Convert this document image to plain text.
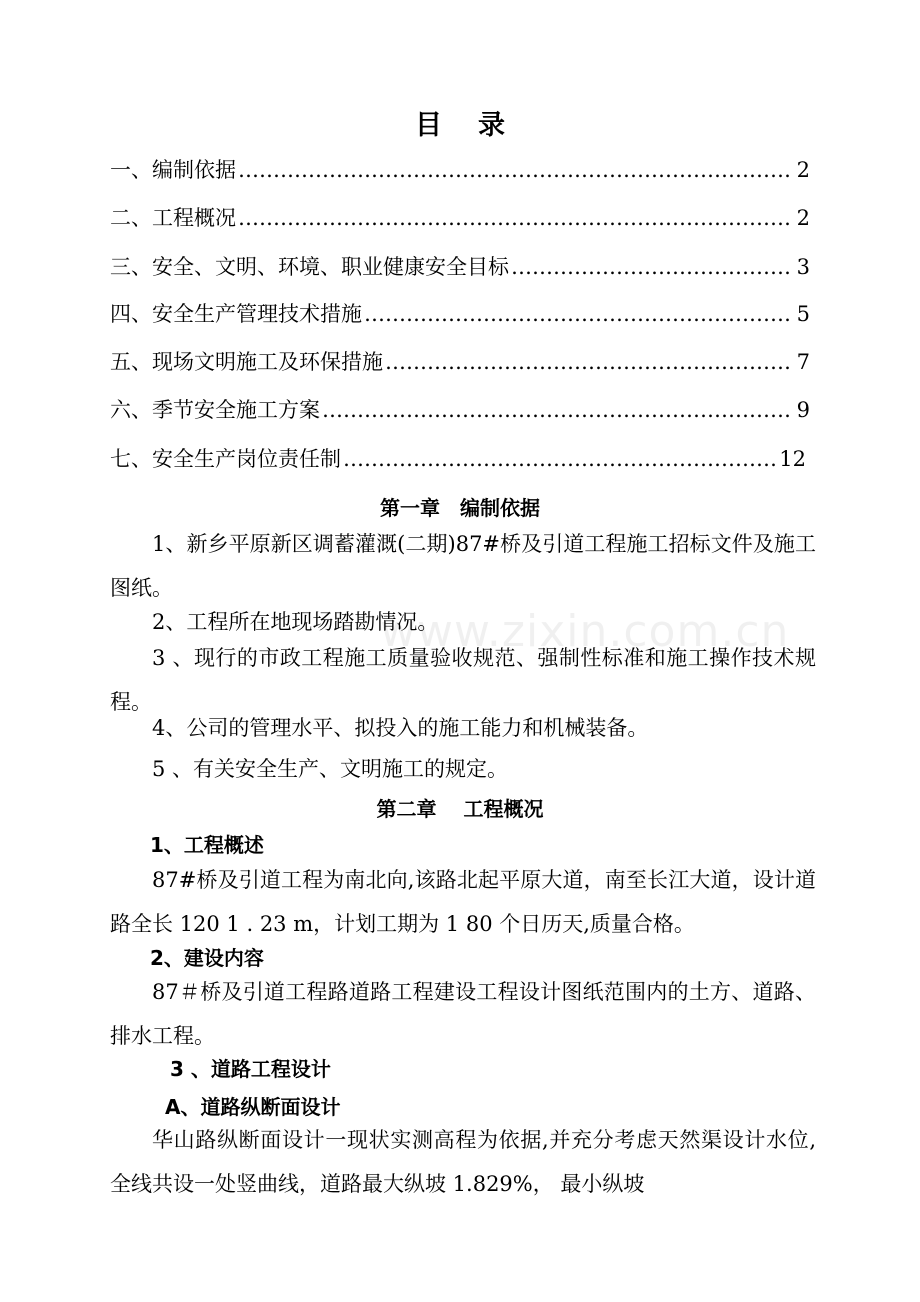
目 录
一、编制依据 ………………………………………………………………………………………………………………………………………	2
二、工程概况 ………………………………………………………………………………………………………………………………………	2
三、安全、文明、环境、职业健康安全目标 ………………………………………………………………………………………………………………………………………	3
四、安全生产管理技术措施 ………………………………………………………………………………………………………………………………………	5
五、现场文明施工及环保措施 ………………………………………………………………………………………………………………………………………	7
六、季节安全施工方案 ………………………………………………………………………………………………………………………………………	9
七、安全生产岗位责任制 ………………………………………………………………………………………………………………………………………	12
第一章　编制依据

1、新乡平原新区调蓄灌溉(二期)87#桥及引道工程施工招标文件及施工图纸。

2、工程所在地现场踏勘情况。

3 、现行的市政工程施工质量验收规范、强制性标准和施工操作技术规程。

4、公司的管理水平、拟投入的施工能力和机械装备。

5 、有关安全生产、文明施工的规定。

www.zixin.com.cn
第二章　 工程概况
1、工程概述

87#桥及引道工程为南北向,该路北起平原大道，南至长江大道，设计道路全长 120 1 . 23 m，计划工期为 1 80 个日历天,质量合格。

2、建设内容

87＃桥及引道工程路道路工程建设工程设计图纸范围内的土方、道路、排水工程。

3 、道路工程设计
A、道路纵断面设计

华山路纵断面设计一现状实测高程为依据,并充分考虑天然渠设计水位,全线共设一处竖曲线，道路最大纵坡 1.829%， 最小纵坡
